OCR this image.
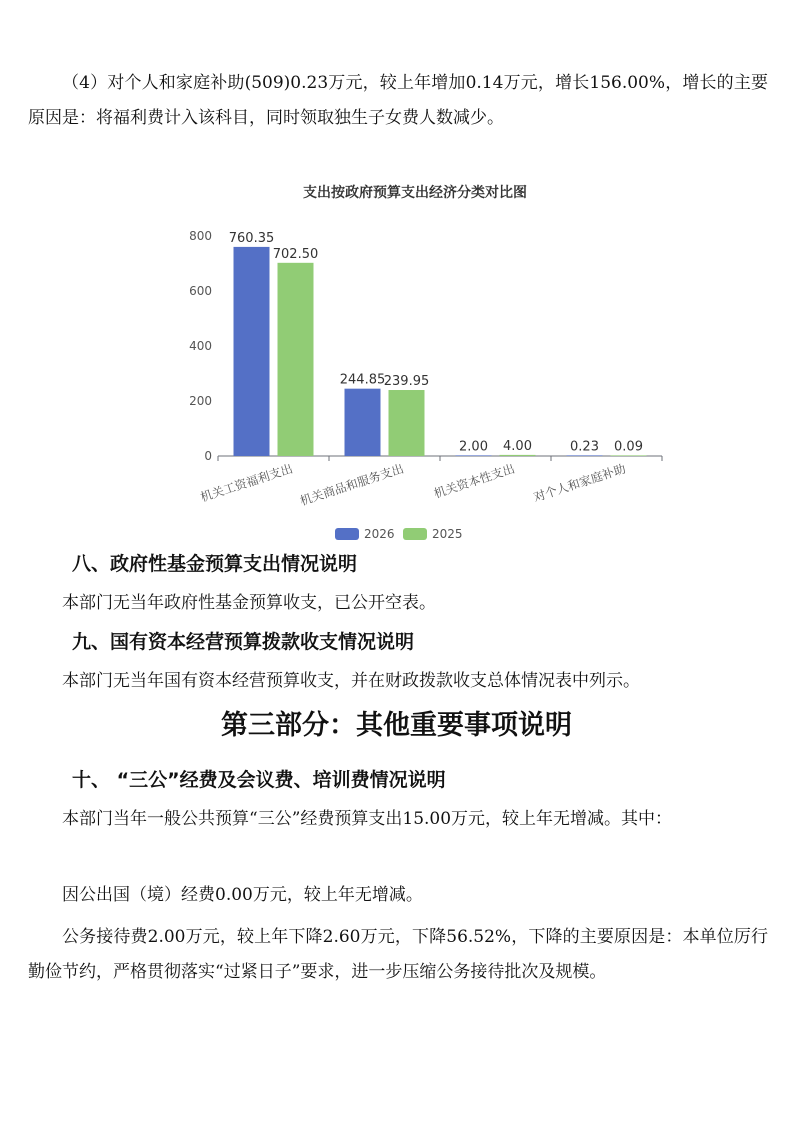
（4）对个人和家庭补助(509)0.23万元，较上年增加0.14万元，增长156.00%，增长的主要原因是：将福利费计入该科目，同时领取独生子女费人数减少。

支出按政府预算支出经济分类对比图
0
200
400
600
800 760.35
702.50
机关工资福利支出
244.85
239.95
机关商品和服务支出
2.00 4.00
机关资本性支出
0.23 0.09
对个人和家庭补助
2026	2025
八、政府性基金预算支出情况说明

本部门无当年政府性基金预算收支，已公开空表。

九、国有资本经营预算拨款收支情况说明

本部门无当年国有资本经营预算收支，并在财政拨款收支总体情况表中列示。

第三部分：其他重要事项说明
十、 “三公”经费及会议费、培训费情况说明

本部门当年一般公共预算“三公”经费预算支出15.00万元，较上年无增减。其中：

因公出国（境）经费0.00万元，较上年无增减。

公务接待费2.00万元，较上年下降2.60万元，下降56.52%，下降的主要原因是：本单位厉行勤俭节约，严格贯彻落实“过紧日子”要求，进一步压缩公务接待批次及规模。
